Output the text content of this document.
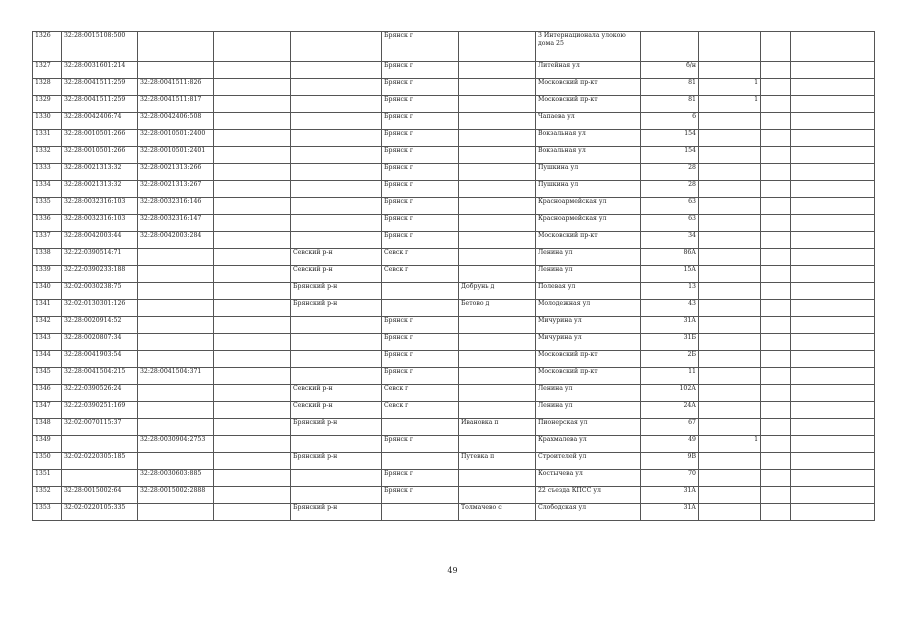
1326	32:28:0015108:500				Брянск г		3 Интернационала улокою дома 25				
1327	32:28:0031601:214				Брянск г		Литейная ул	б/н			
1328	32:28:0041511:259	32:28:0041511:826			Брянск г		Московский пр-кт	81	1		
1329	32:28:0041511:259	32:28:0041511:817			Брянск г		Московский пр-кт	81	1		
1330	32:28:0042406:74	32:28:0042406:508			Брянск г		Чапаева ул	6			
1331	32:28:0010501:266	32:28:0010501:2400			Брянск г		Вокзальная ул	154			
1332	32:28:0010501:266	32:28:0010501:2401			Брянск г		Вокзальная ул	154			
1333	32:28:0021313:32	32:28:0021313:266			Брянск г		Пушкина ул	28			
1334	32:28:0021313:32	32:28:0021313:267			Брянск г		Пушкина ул	28			
1335	32:28:0032316:103	32:28:0032316:146			Брянск г		Красноармейская ул	63			
1336	32:28:0032316:103	32:28:0032316:147			Брянск г		Красноармейская ул	63			
1337	32:28:0042003:44	32:28:0042003:284			Брянск г		Московский пр-кт	34			
1338	32:22:0390514:71			Севский р-н	Севск г		Ленина ул	86А			
1339	32:22:0390233:188			Севский р-н	Севск г		Ленина ул	15А			
1340	32:02:0030238:75			Брянский р-н		Добрунь д	Полевая ул	13			
1341	32:02:0130301:126			Брянский р-н		Бетово д	Молодежная ул	43			
1342	32:28:0020914:52				Брянск г		Мичурина ул	31А			
1343	32:28:0020807:34				Брянск г		Мичурина ул	31Б			
1344	32:28:0041903:54				Брянск г		Московский пр-кт	2Б			
1345	32:28:0041504:215	32:28:0041504:371			Брянск г		Московский пр-кт	11			
1346	32:22:0390526:24			Севский р-н	Севск г		Ленина ул	102А			
1347	32:22:0390251:169			Севский р-н	Севск г		Ленина ул	24А			
1348	32:02:0070115:37			Брянский р-н		Ивановка п	Пионерская ул	67			
1349		32:28:0030904:2753			Брянск г		Крахмалева ул	49	1		
1350	32:02:0220305:185			Брянский р-н		Путевка п	Строителей ул	9В			
1351		32:28:0030603:885			Брянск г		Костычева ул	70			
1352	32:28:0015002:64	32:28:0015002:2888			Брянск г		22 съезда КПСС ул	31А			
1353	32:02:0220105:335			Брянский р-н		Толмачево с	Слободская ул	31А			
49
